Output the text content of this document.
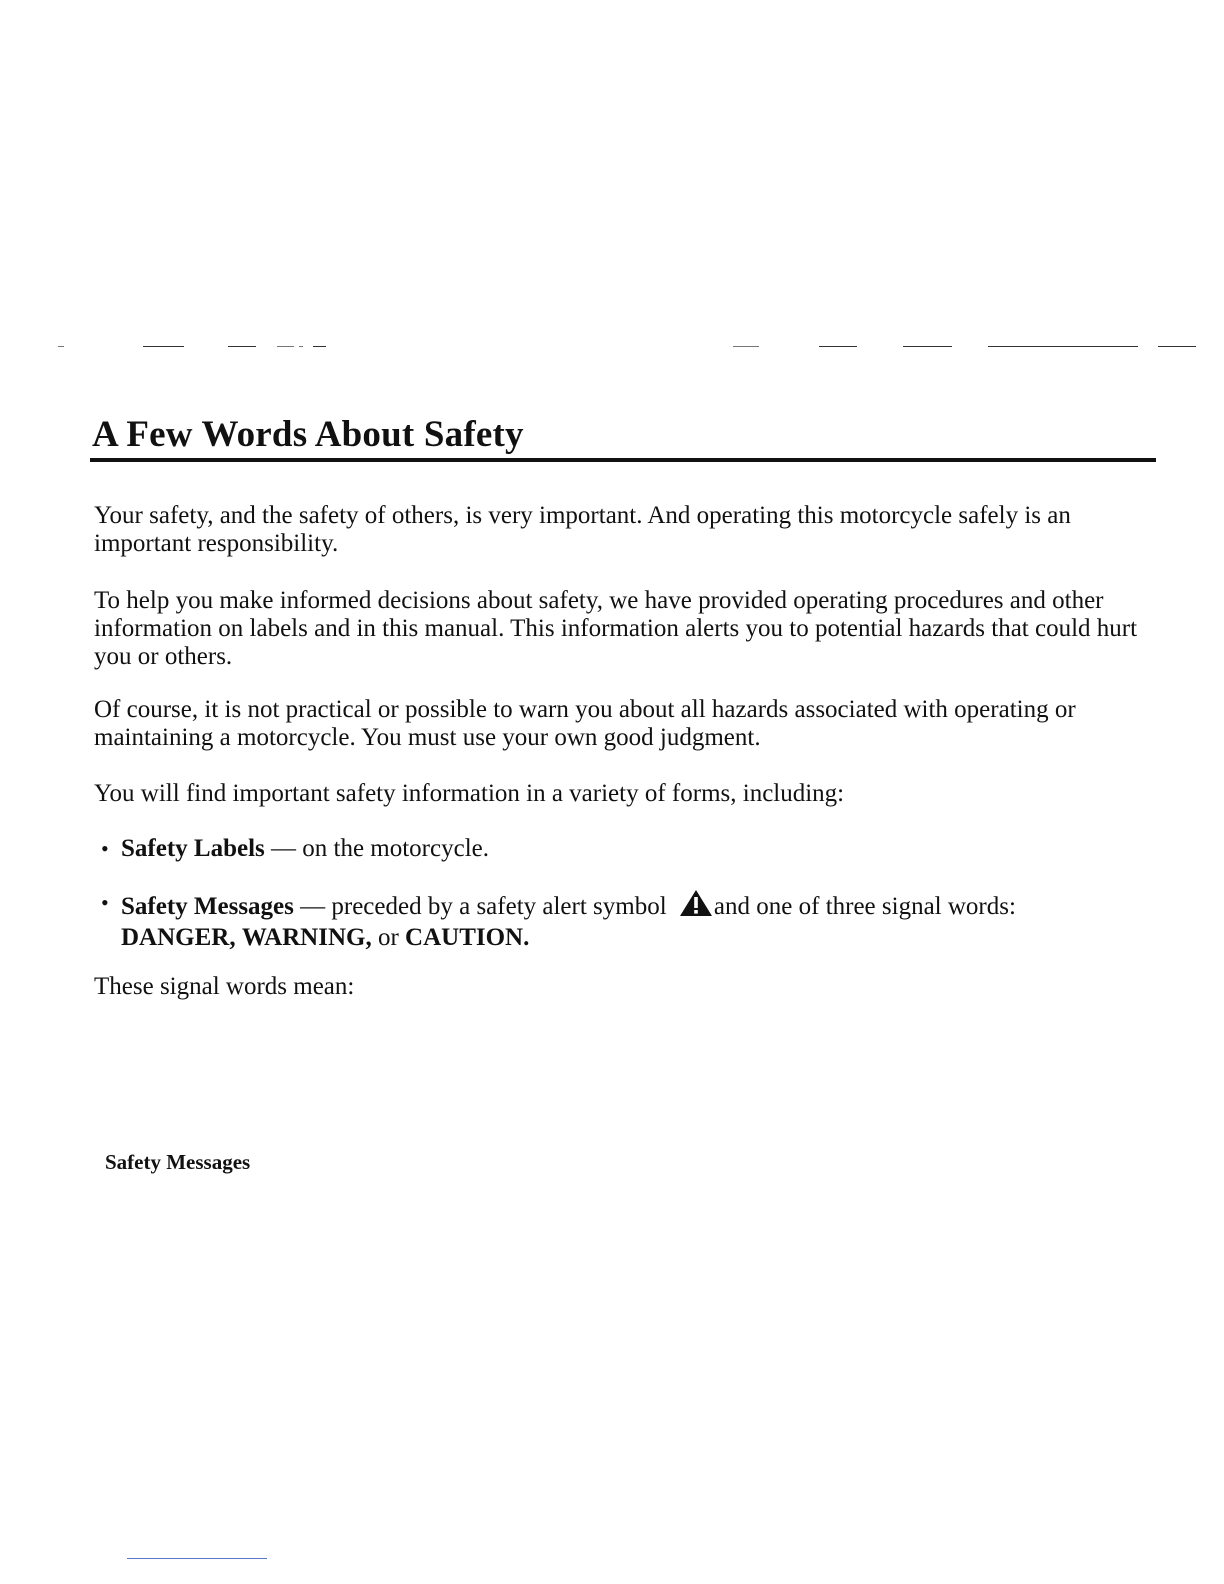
A Few Words About Safety

Your safety, and the safety of others, is very important. And operating this motorcycle safely is an important responsibility.

To help you make informed decisions about safety, we have provided operating procedures and other information on labels and in this manual. This information alerts you to potential hazards that could hurt you or others.

Of course, it is not practical or possible to warn you about all hazards associated with operating or maintaining a motorcycle. You must use your own good judgment.

You will find important safety information in a variety of forms, including:

• Safety Labels — on the motorcycle.

• Safety Messages — preceded by a safety alert symbol and one of three signal words:
DANGER, WARNING, or CAUTION.

These signal words mean:

Safety Messages
